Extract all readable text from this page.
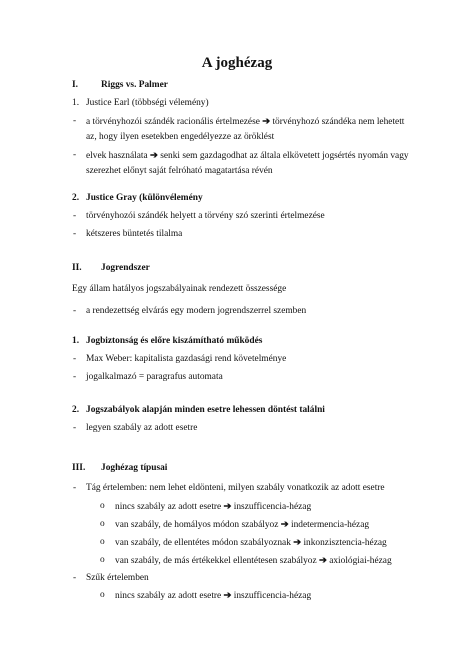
A joghézag
I. Riggs vs. Palmer
1. Justice Earl (többségi vélemény)
- a törvényhozói szándék racionális értelmezése ➔ törvényhozó szándéka nem lehetett
az, hogy ilyen esetekben engedélyezze az öröklést
- elvek használata ➔ senki sem gazdagodhat az általa elkövetett jogsértés nyomán vagy
szerezhet előnyt saját felróható magatartása révén
2. Justice Gray (különvélemény
- törvényhozói szándék helyett a törvény szó szerinti értelmezése
- kétszeres büntetés tilalma
II. Jogrendszer
Egy állam hatályos jogszabályainak rendezett összessége
- a rendezettség elvárás egy modern jogrendszerrel szemben
1. Jogbiztonság és előre kiszámítható működés
- Max Weber: kapitalista gazdasági rend követelménye
- jogalkalmazó = paragrafus automata
2. Jogszabályok alapján minden esetre lehessen döntést találni
- legyen szabály az adott esetre
III. Joghézag típusai
- Tág értelemben: nem lehet eldönteni, milyen szabály vonatkozik az adott esetre
o nincs szabály az adott esetre ➔ inszufficencia-hézag
o van szabály, de homályos módon szabályoz ➔ indetermencia-hézag
o van szabály, de ellentétes módon szabályoznak ➔ inkonzisztencia-hézag
o van szabály, de más értékekkel ellentétesen szabályoz ➔ axiológiai-hézag
- Szűk értelemben
o nincs szabály az adott esetre ➔ inszufficencia-hézag
